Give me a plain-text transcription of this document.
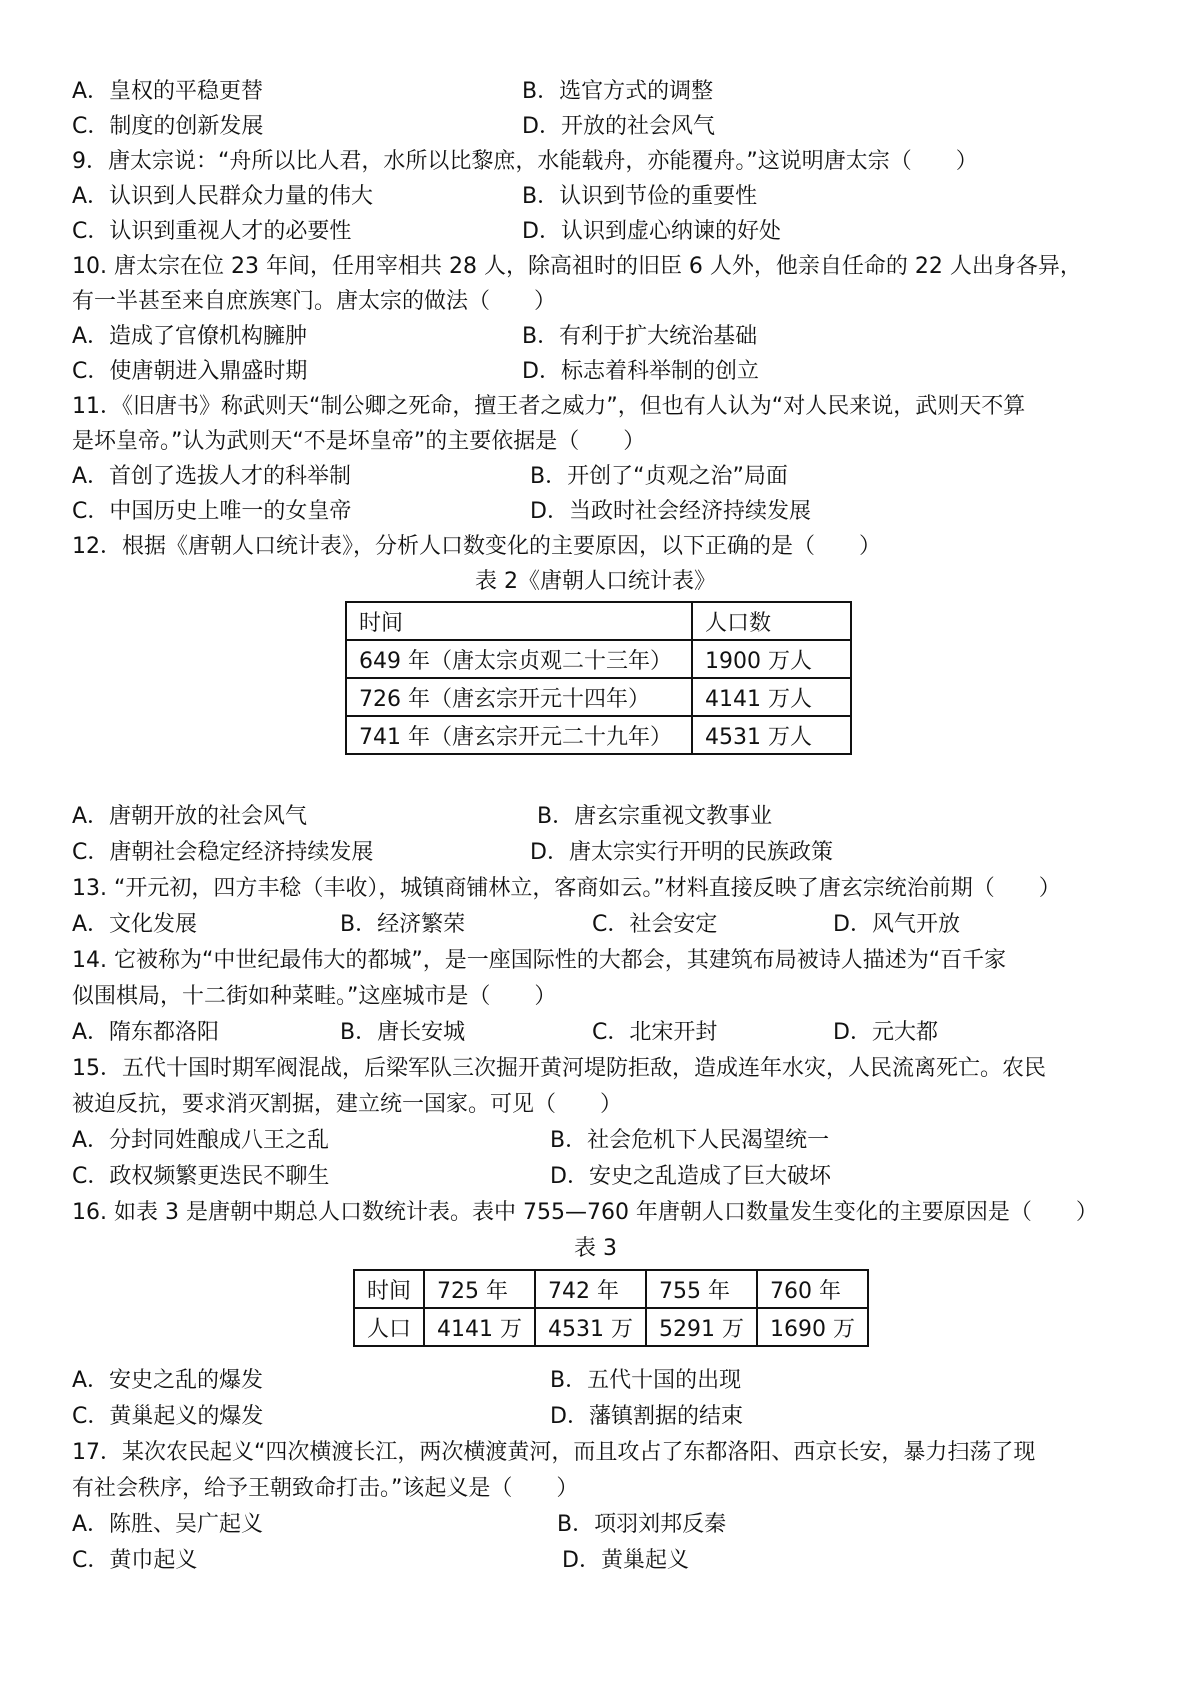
A．皇权的平稳更替	B．选官方式的调整
C．制度的创新发展	D．开放的社会风气
9．唐太宗说：“舟所以比人君，水所以比黎庶，水能载舟，亦能覆舟。”这说明唐太宗（　　）
A．认识到人民群众力量的伟大	B．认识到节俭的重要性
C．认识到重视人才的必要性	D．认识到虚心纳谏的好处
10. 唐太宗在位 23 年间，任用宰相共 28 人，除高祖时的旧臣 6 人外，他亲自任命的 22 人出身各异，
有一半甚至来自庶族寒门。唐太宗的做法（　　）
A．造成了官僚机构臃肿	B．有利于扩大统治基础
C．使唐朝进入鼎盛时期	D．标志着科举制的创立
11．《旧唐书》称武则天“制公卿之死命，擅王者之威力”，但也有人认为“对人民来说，武则天不算
是坏皇帝。”认为武则天“不是坏皇帝”的主要依据是（　　）
A．首创了选拔人才的科举制	B．开创了“贞观之治”局面
C．中国历史上唯一的女皇帝	D．当政时社会经济持续发展
12．根据《唐朝人口统计表》，分析人口数变化的主要原因，以下正确的是（　　）
表 2《唐朝人口统计表》
时间	人口数
649 年（唐太宗贞观二十三年）	1900 万人
726 年（唐玄宗开元十四年）	4141 万人
741 年（唐玄宗开元二十九年）	4531 万人
A．唐朝开放的社会风气	B．唐玄宗重视文教事业
C．唐朝社会稳定经济持续发展	D．唐太宗实行开明的民族政策
13. “开元初，四方丰稔（丰收），城镇商铺林立，客商如云。”材料直接反映了唐玄宗统治前期（　　）
A．文化发展	B．经济繁荣	C．社会安定	D．风气开放
14. 它被称为“中世纪最伟大的都城”，是一座国际性的大都会，其建筑布局被诗人描述为“百千家
似围棋局，十二街如种菜畦。”这座城市是（　　）
A．隋东都洛阳	B．唐长安城	C．北宋开封	D．元大都
15．五代十国时期军阀混战，后梁军队三次掘开黄河堤防拒敌，造成连年水灾，人民流离死亡。农民
被迫反抗，要求消灭割据，建立统一国家。可见（　　）
A．分封同姓酿成八王之乱	B．社会危机下人民渴望统一
C．政权频繁更迭民不聊生	D．安史之乱造成了巨大破坏
16. 如表 3 是唐朝中期总人口数统计表。表中 755—760 年唐朝人口数量发生变化的主要原因是（　　）
表 3
时间	725 年	742 年	755 年	760 年
人口	4141 万	4531 万	5291 万	1690 万
A．安史之乱的爆发	B．五代十国的出现
C．黄巢起义的爆发	D．藩镇割据的结束
17．某次农民起义“四次横渡长江，两次横渡黄河，而且攻占了东都洛阳、西京长安，暴力扫荡了现
有社会秩序，给予王朝致命打击。”该起义是（　　）
A．陈胜、吴广起义	B．项羽刘邦反秦
C．黄巾起义	D．黄巢起义
